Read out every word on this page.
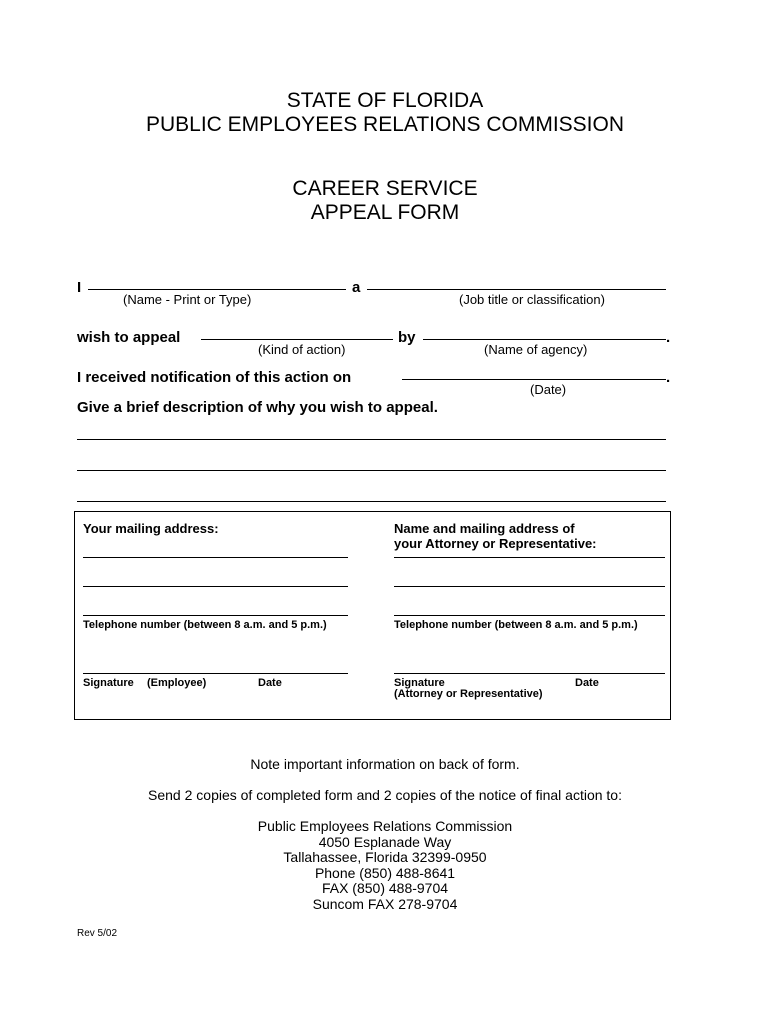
STATE OF FLORIDA
PUBLIC EMPLOYEES RELATIONS COMMISSION
CAREER SERVICE
APPEAL FORM
I	a
(Name - Print or Type)	(Job title or classification)
wish to appeal	by	.
(Kind of action)	(Name of agency)
I received notification of this action on	.
(Date)
Give a brief description of why you wish to appeal.
Your mailing address:	Name and mailing address of
your Attorney or Representative:
Telephone number (between 8 a.m. and 5 p.m.)	Telephone number (between 8 a.m. and 5 p.m.)
Signature (Employee)	Date	Signature	Date
(Attorney or Representative)
Note important information on back of form.
Send 2 copies of completed form and 2 copies of the notice of final action to:
Public Employees Relations Commission
4050 Esplanade Way
Tallahassee, Florida 32399-0950
Phone (850) 488-8641
FAX (850) 488-9704
Suncom FAX 278-9704
Rev 5/02
